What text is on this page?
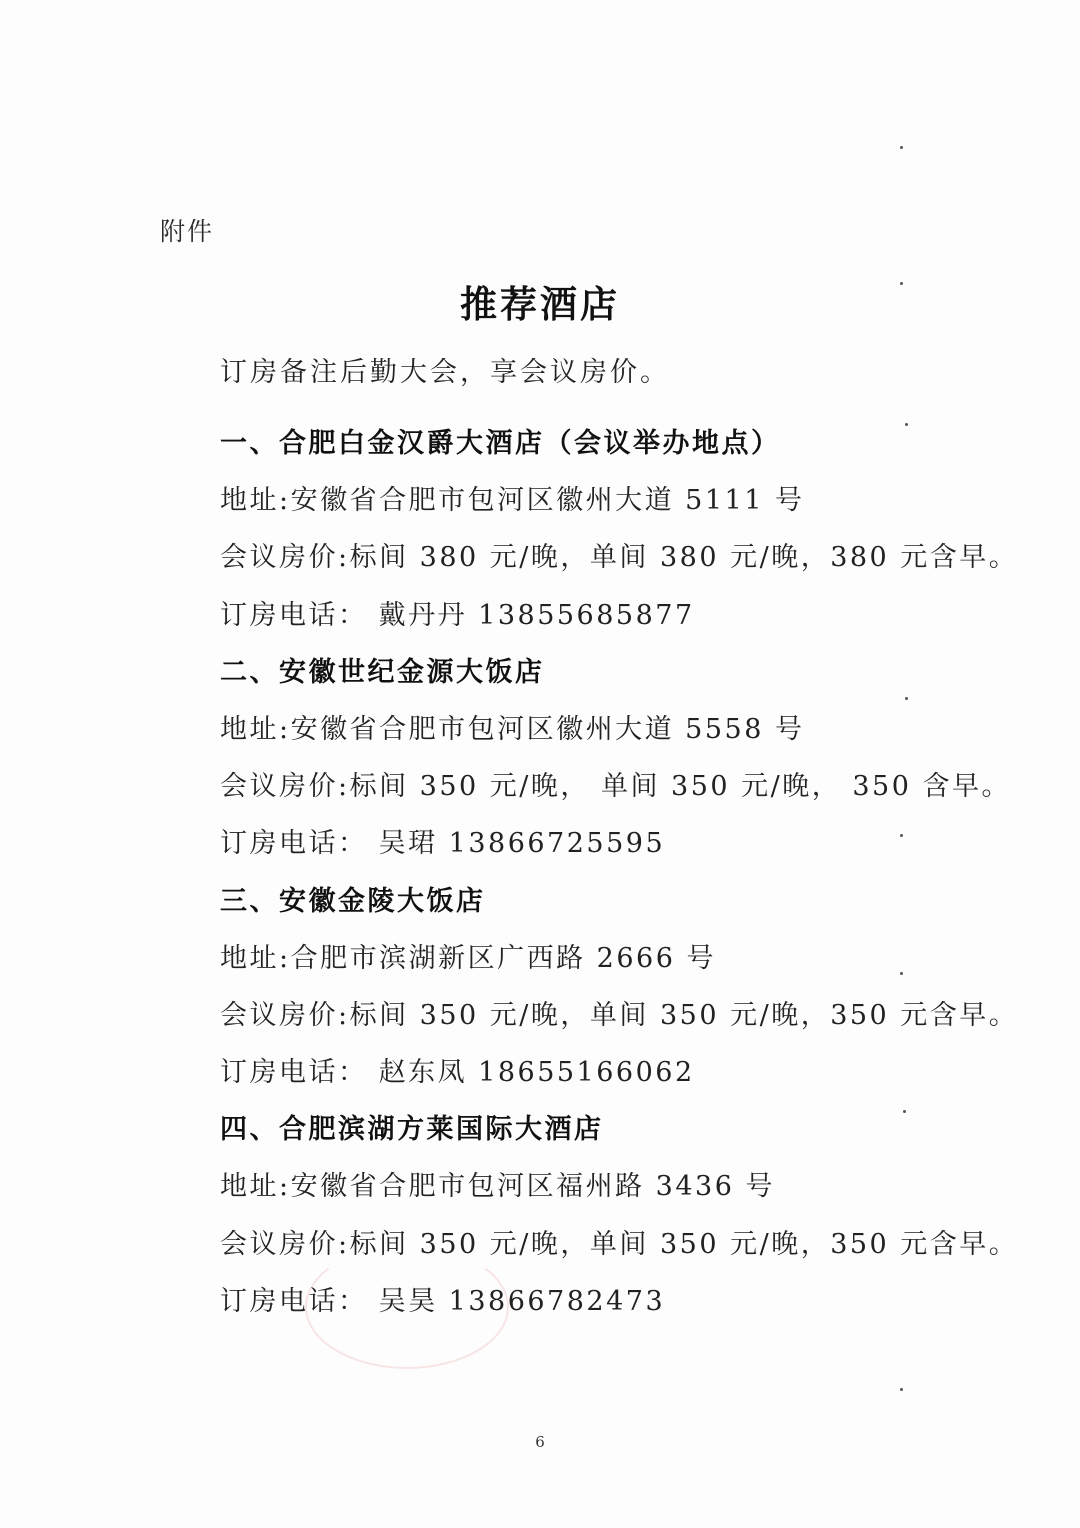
附件
推荐酒店
订房备注后勤大会，享会议房价。
一、合肥白金汉爵大酒店（会议举办地点）
地址:安徽省合肥市包河区徽州大道 5111 号
会议房价:标间 380 元/晚，单间 380 元/晚，380 元含早。
订房电话： 戴丹丹 13855685877
二、安徽世纪金源大饭店
地址:安徽省合肥市包河区徽州大道 5558 号
会议房价:标间 350 元/晚， 单间 350 元/晚， 350 含早。
订房电话： 吴珺 13866725595
三、安徽金陵大饭店
地址:合肥市滨湖新区广西路 2666 号
会议房价:标间 350 元/晚，单间 350 元/晚，350 元含早。
订房电话： 赵东凤 18655166062
四、合肥滨湖方莱国际大酒店
地址:安徽省合肥市包河区福州路 3436 号
会议房价:标间 350 元/晚，单间 350 元/晚，350 元含早。
订房电话： 吴昊 13866782473
6
